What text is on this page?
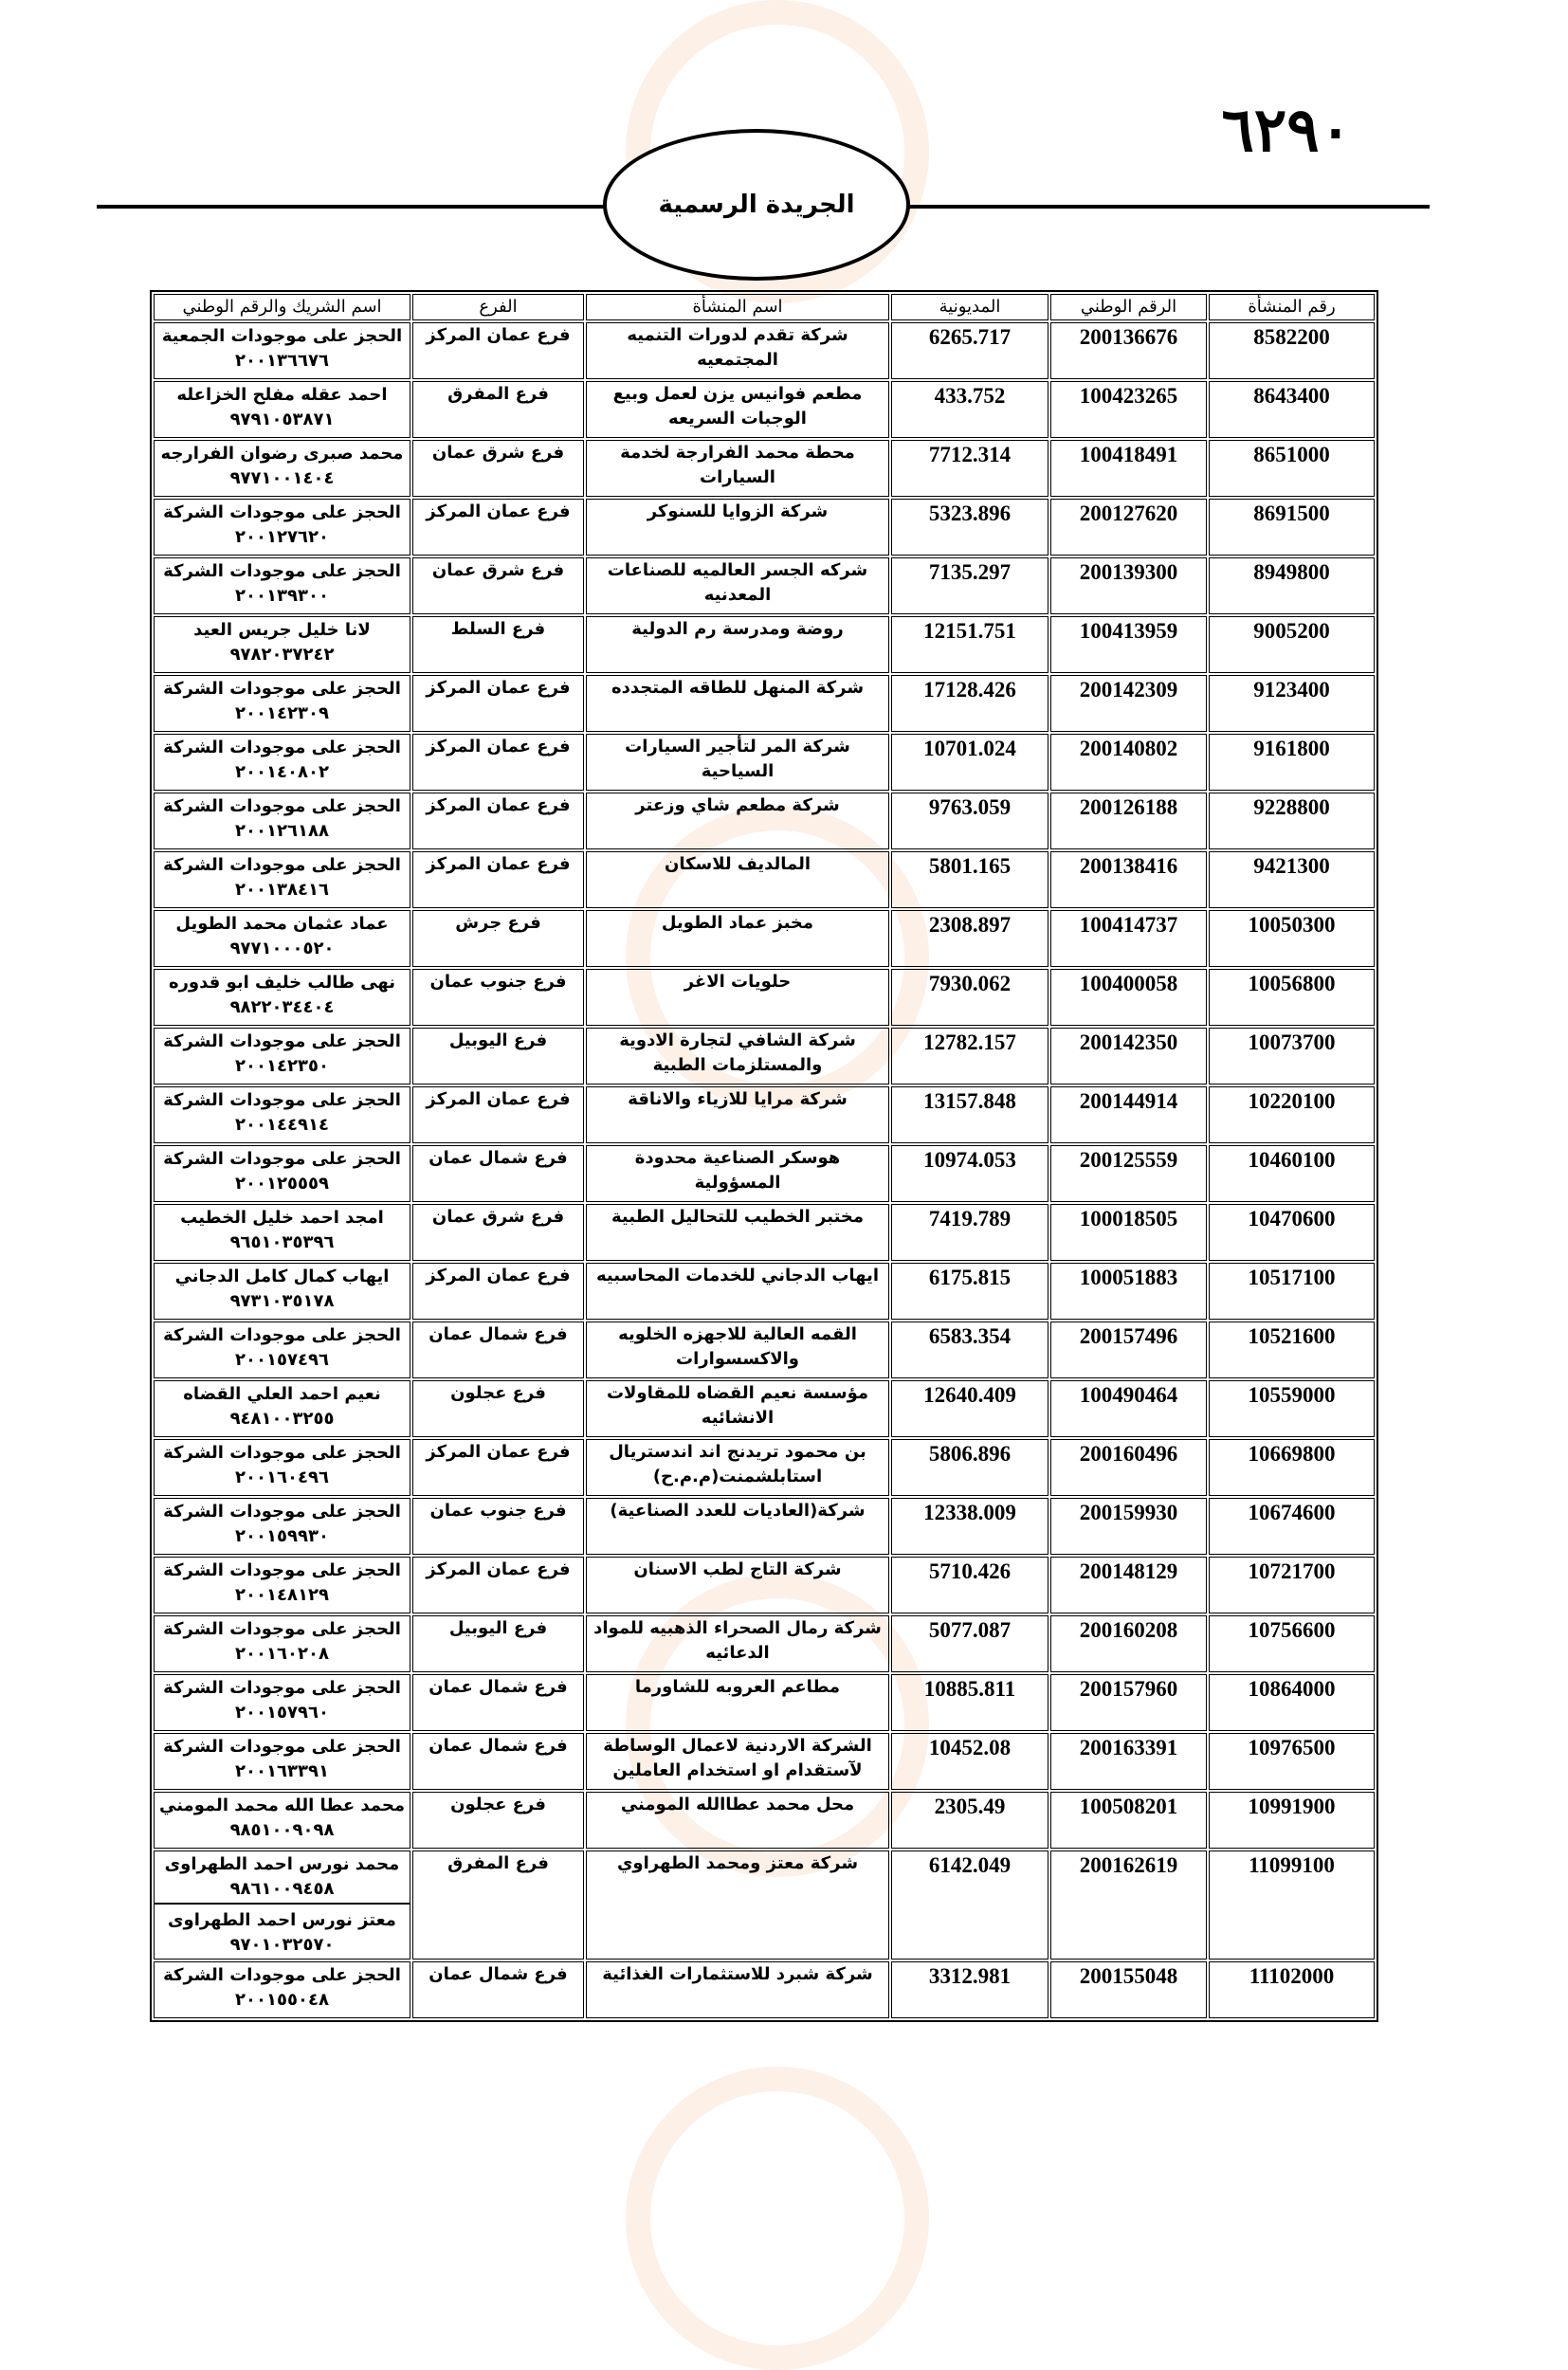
٦٢٩٠
الجريدة الرسمية
رقم المنشأة	الرقم الوطني	المديونية	اسم المنشأة	الفرع	اسم الشريك والرقم الوطني
8582200	200136676	6265.717	شركة تقدم لدورات التنميه المجتمعيه	فرع عمان المركز	الحجز على موجودات الجمعية
٢٠٠١٣٦٦٧٦

8643400	100423265	433.752	مطعم فوانيس يزن لعمل وبيع الوجبات السريعه	فرع المفرق	احمد عقله مفلح الخزاعله
٩٧٩١٠٥٣٨٧١

8651000	100418491	7712.314	محطة محمد الفرارجة لخدمة السيارات	فرع شرق عمان	محمد صبرى رضوان الفرارجه
٩٧٧١٠٠١٤٠٤

8691500	200127620	5323.896	شركة الزوايا للسنوكر	فرع عمان المركز	الحجز على موجودات الشركة
٢٠٠١٢٧٦٢٠

8949800	200139300	7135.297	شركه الجسر العالميه للصناعات المعدنيه	فرع شرق عمان	الحجز على موجودات الشركة
٢٠٠١٣٩٣٠٠

9005200	100413959	12151.751	روضة ومدرسة رم الدولية	فرع السلط	لانا خليل جريس العيد
٩٧٨٢٠٣٧٢٤٢

9123400	200142309	17128.426	شركة المنهل للطاقه المتجدده	فرع عمان المركز	الحجز على موجودات الشركة
٢٠٠١٤٢٣٠٩

9161800	200140802	10701.024	شركة المر لتأجير السيارات السياحية	فرع عمان المركز	الحجز على موجودات الشركة
٢٠٠١٤٠٨٠٢

9228800	200126188	9763.059	شركة مطعم شاي وزعتر	فرع عمان المركز	الحجز على موجودات الشركة
٢٠٠١٢٦١٨٨

9421300	200138416	5801.165	المالديف للاسكان	فرع عمان المركز	الحجز على موجودات الشركة
٢٠٠١٣٨٤١٦

10050300	100414737	2308.897	مخبز عماد الطويل	فرع جرش	عماد عثمان محمد الطويل
٩٧٧١٠٠٠٥٢٠

10056800	100400058	7930.062	حلويات الاغر	فرع جنوب عمان	نهى طالب خليف ابو قدوره
٩٨٢٢٠٣٤٤٠٤

10073700	200142350	12782.157	شركة الشافي لتجارة الادوية والمستلزمات الطبية	فرع اليوبيل	الحجز على موجودات الشركة
٢٠٠١٤٢٣٥٠

10220100	200144914	13157.848	شركة مرايا للازياء والاناقة	فرع عمان المركز	الحجز على موجودات الشركة
٢٠٠١٤٤٩١٤

10460100	200125559	10974.053	هوسكر الصناعية محدودة المسؤولية	فرع شمال عمان	الحجز على موجودات الشركة
٢٠٠١٢٥٥٥٩

10470600	100018505	7419.789	مختبر الخطيب للتحاليل الطبية	فرع شرق عمان	امجد احمد خليل الخطيب
٩٦٥١٠٣٥٣٩٦

10517100	100051883	6175.815	ايهاب الدجاني للخدمات المحاسبيه	فرع عمان المركز	ايهاب كمال كامل الدجاني
٩٧٣١٠٣٥١٧٨

10521600	200157496	6583.354	القمه العالية للاجهزه الخلويه والاكسسوارات	فرع شمال عمان	الحجز على موجودات الشركة
٢٠٠١٥٧٤٩٦

10559000	100490464	12640.409	مؤسسة نعيم القضاه للمقاولات الانشائيه	فرع عجلون	نعيم احمد العلي القضاه
٩٤٨١٠٠٣٢٥٥

10669800	200160496	5806.896	بن محمود تريدنج اند اندستريال استابلشمنت(م.م.ح)	فرع عمان المركز	الحجز على موجودات الشركة
٢٠٠١٦٠٤٩٦

10674600	200159930	12338.009	شركة(العاديات للعدد الصناعية)	فرع جنوب عمان	الحجز على موجودات الشركة
٢٠٠١٥٩٩٣٠

10721700	200148129	5710.426	شركة التاج لطب الاسنان	فرع عمان المركز	الحجز على موجودات الشركة
٢٠٠١٤٨١٢٩

10756600	200160208	5077.087	شركة رمال الصحراء الذهبيه للمواد الدعائيه	فرع اليوبيل	الحجز على موجودات الشركة
٢٠٠١٦٠٢٠٨

10864000	200157960	10885.811	مطاعم العروبه للشاورما	فرع شمال عمان	الحجز على موجودات الشركة
٢٠٠١٥٧٩٦٠

10976500	200163391	10452.08	الشركة الاردنية لاعمال الوساطة لآستقدام او استخدام العاملين	فرع شمال عمان	الحجز على موجودات الشركة
٢٠٠١٦٣٣٩١

10991900	100508201	2305.49	محل محمد عطاالله المومني	فرع عجلون	محمد عطا الله محمد المومني
٩٨٥١٠٠٩٠٩٨

11099100	200162619	6142.049	شركة معتز ومحمد الطهراوي	فرع المفرق	محمد نورس احمد الطهراوى
٩٨٦١٠٠٩٤٥٨
معتز نورس احمد الطهراوى
٩٧٠١٠٣٢٥٧٠

11102000	200155048	3312.981	شركة شبرد للاستثمارات الغذائية	فرع شمال عمان	الحجز على موجودات الشركة
٢٠٠١٥٥٠٤٨
